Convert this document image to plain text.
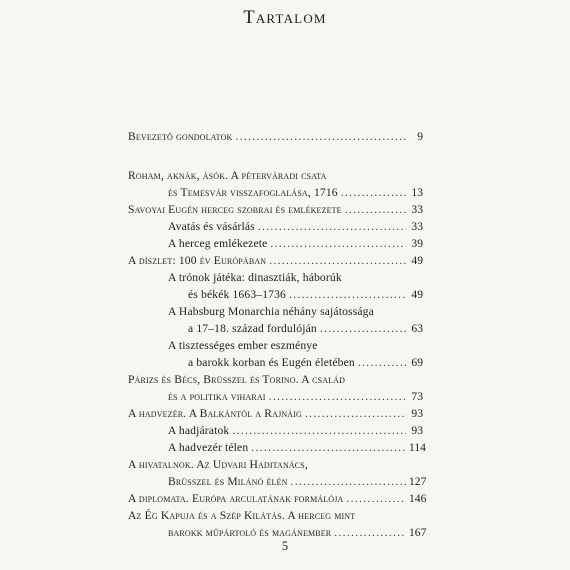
Tartalom
Bevezető gondolatok .....	9
Roham, aknák, ásók. A péterváradi csata
és Temesvár visszafoglalása, 1716 .....	13
Savoyai Eugén herceg szobrai és emlékezete .....	33
Avatás és vásárlás .....	33
A herceg emlékezete .....	39
A díszlet: 100 év Európában .....	49
A trónok játéka: dinasztiák, háborúk
és békék 1663–1736 .....	49
A Habsburg Monarchia néhány sajátossága
a 17–18. század fordulóján .....	63
A tisztességes ember eszménye
a barokk korban és Eugén életében .....	69
Párizs és Bécs, Brüsszel és Torino. A család
és a politika viharai .....	73
A hadvezér. A Balkántól a Rajnáig .....	93
A hadjáratok .....	93
A hadvezér télen .....	114
A hivatalnok. Az Udvari Haditanács,
Brüsszel és Milánó élén .....	127
A diplomata. Európa arculatának formálója .....	146
Az Ég Kapuja és a Szép Kilátás. A herceg mint
barokk műpártoló és magánember .....	167
5
